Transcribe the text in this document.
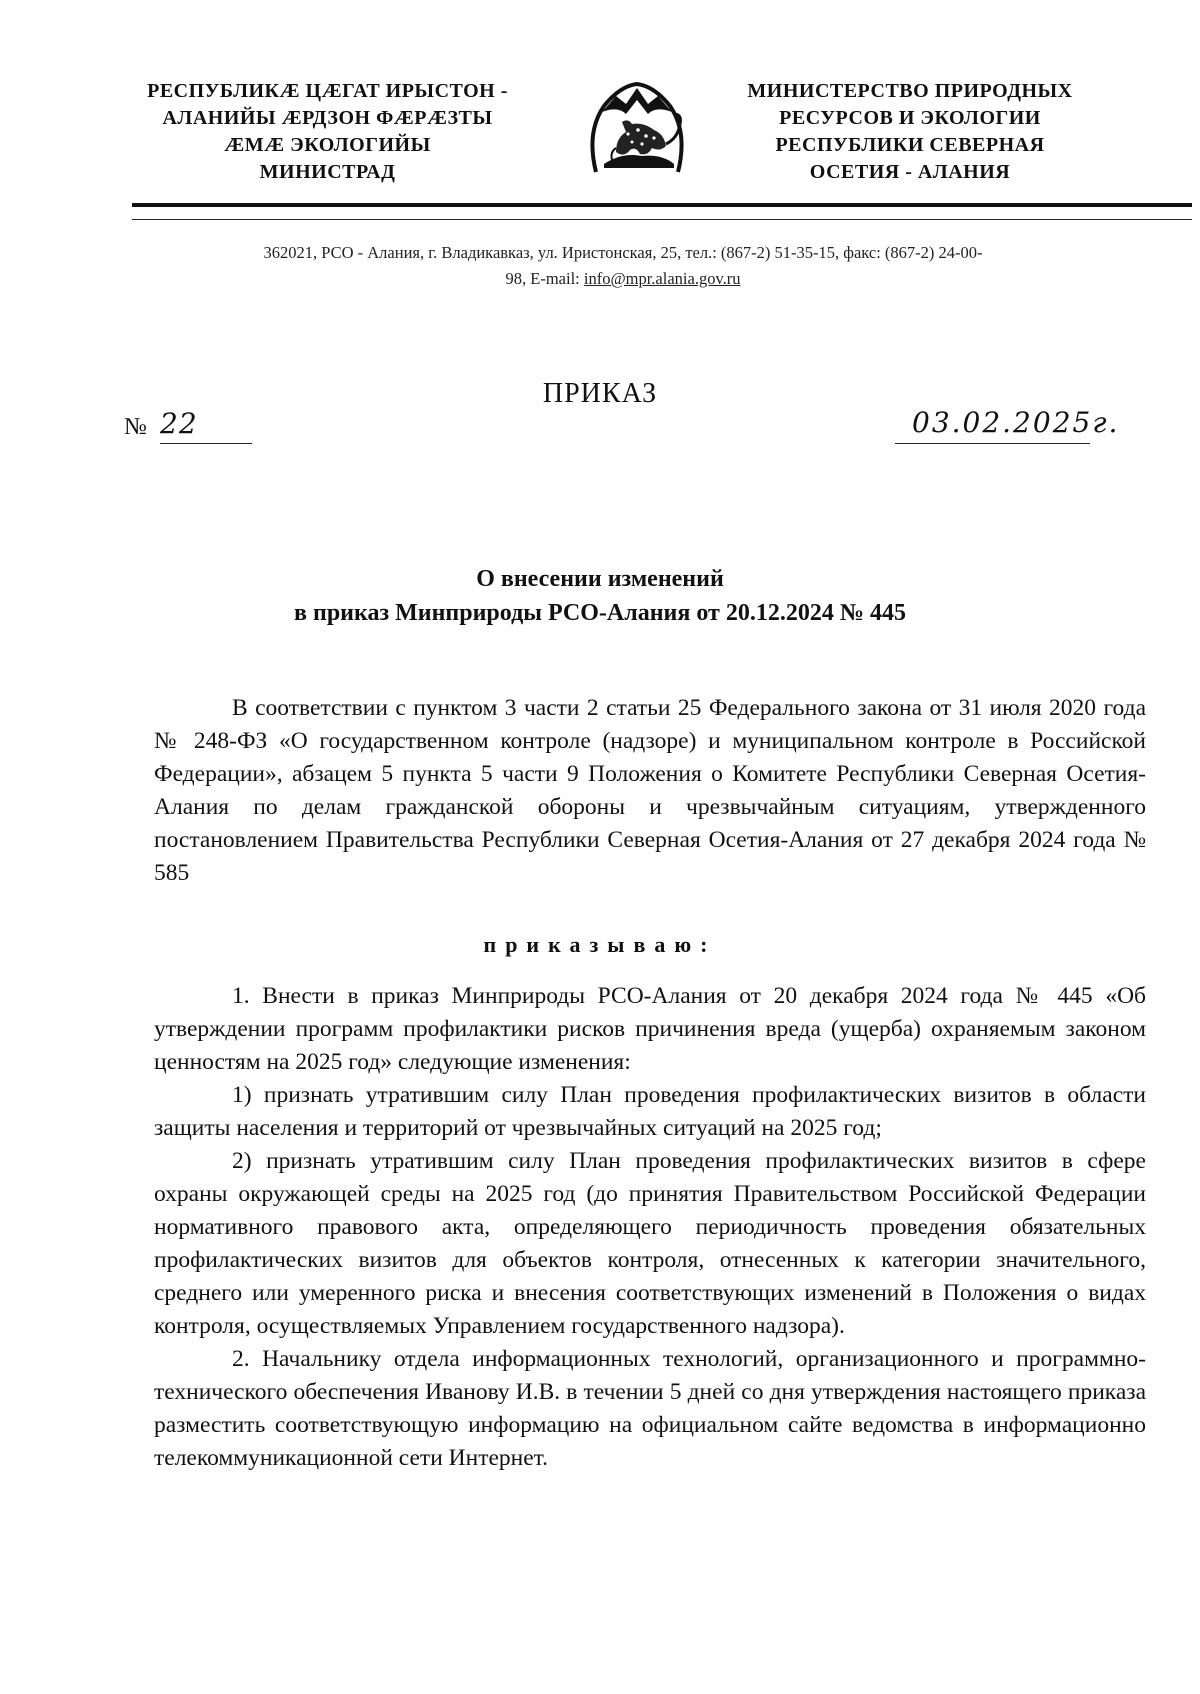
РЕСПУБЛИКÆ ЦÆГАТ ИРЫСТОН -
АЛАНИЙЫ ÆРДЗОН ФÆРÆЗТЫ
ÆМÆ ЭКОЛОГИЙЫ
МИНИСТРАД
МИНИСТЕРСТВО ПРИРОДНЫХ
РЕСУРСОВ И ЭКОЛОГИИ
РЕСПУБЛИКИ СЕВЕРНАЯ
ОСЕТИЯ - АЛАНИЯ
362021, РСО - Алания, г. Владикавказ, ул. Иристонская, 25, тел.: (867-2) 51-35-15, факс: (867-2) 24-00-
98, E-mail: info@mpr.alania.gov.ru
ПРИКАЗ
№ 22	03.02.2025г.
О внесении изменений
в приказ Минприроды РСО-Алания от 20.12.2024 № 445

В соответствии с пунктом 3 части 2 статьи 25 Федерального закона от 31 июля 2020 года № 248-ФЗ «О государственном контроле (надзоре) и муниципальном контроле в Российской Федерации», абзацем 5 пункта 5 части 9 Положения о Комитете Республики Северная Осетия-Алания по делам гражданской обороны и чрезвычайным ситуациям, утвержденного постановлением Правительства Республики Северная Осетия-Алания от 27 декабря 2024 года № 585

приказываю:

1. Внести в приказ Минприроды РСО-Алания от 20 декабря 2024 года № 445 «Об утверждении программ профилактики рисков причинения вреда (ущерба) охраняемым законом ценностям на 2025 год» следующие изменения:

1) признать утратившим силу План проведения профилактических визитов в области защиты населения и территорий от чрезвычайных ситуаций на 2025 год;

2) признать утратившим силу План проведения профилактических визитов в сфере охраны окружающей среды на 2025 год (до принятия Правительством Российской Федерации нормативного правового акта, определяющего периодичность проведения обязательных профилактических визитов для объектов контроля, отнесенных к категории значительного, среднего или умеренного риска и внесения соответствующих изменений в Положения о видах контроля, осуществляемых Управлением государственного надзора).

2. Начальнику отдела информационных технологий, организационного и программно-технического обеспечения Иванову И.В. в течении 5 дней со дня утверждения настоящего приказа разместить соответствующую информацию на официальном сайте ведомства в информационно телекоммуникационной сети Интернет.
